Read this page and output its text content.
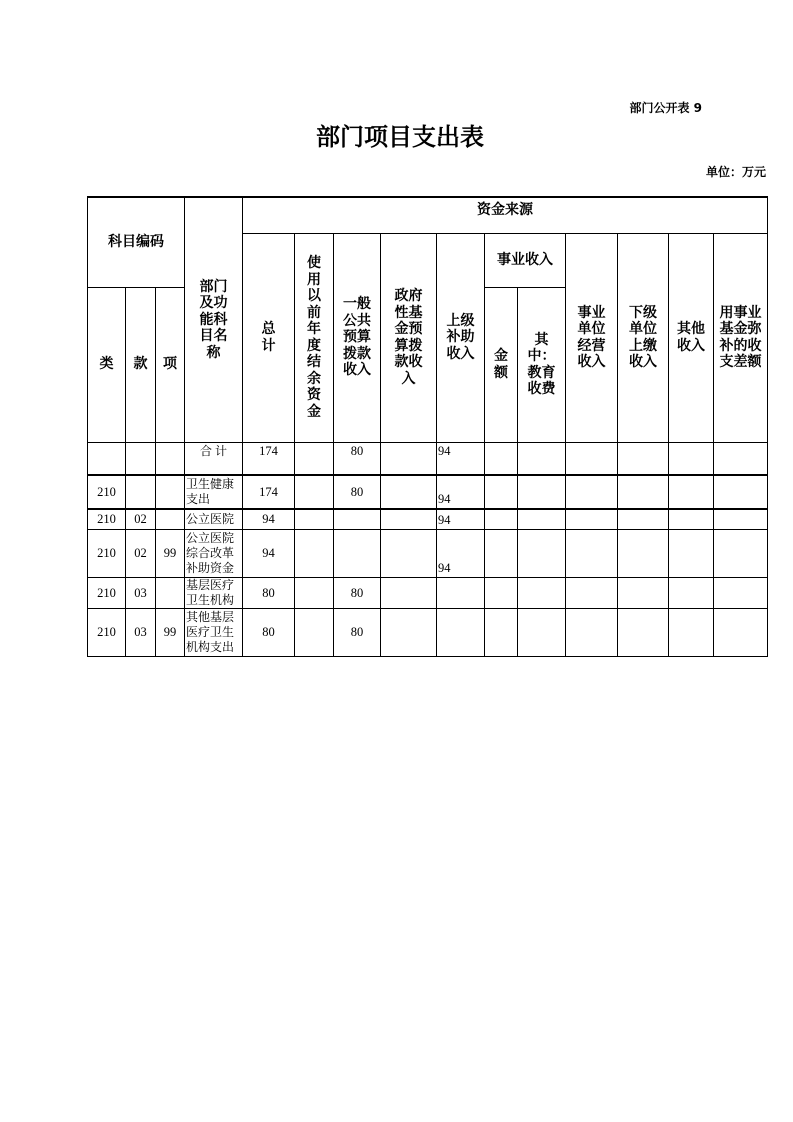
部门公开表 9
部门项目支出表
单位：万元
科目编码			部门及功能科目名称	资金来源										
				总计	使用以前年度结余资金	一般公共预算拨款收入	政府性基金预算拨款收入	上级补助收入	事业收入		事业单位经营收入	下级单位上缴收入	其他收入	用事业基金弥补的收支差额
类	款	项							金额	其中：教育收费				
			合计	174		80		94						
210			卫生健康支出	174		80		94						
210	02		公立医院	94				94						
210	02	99	公立医院综合改革补助资金	94				94						
210	03		基层医疗卫生机构	80		80								
210	03	99	其他基层医疗卫生机构支出	80		80								
